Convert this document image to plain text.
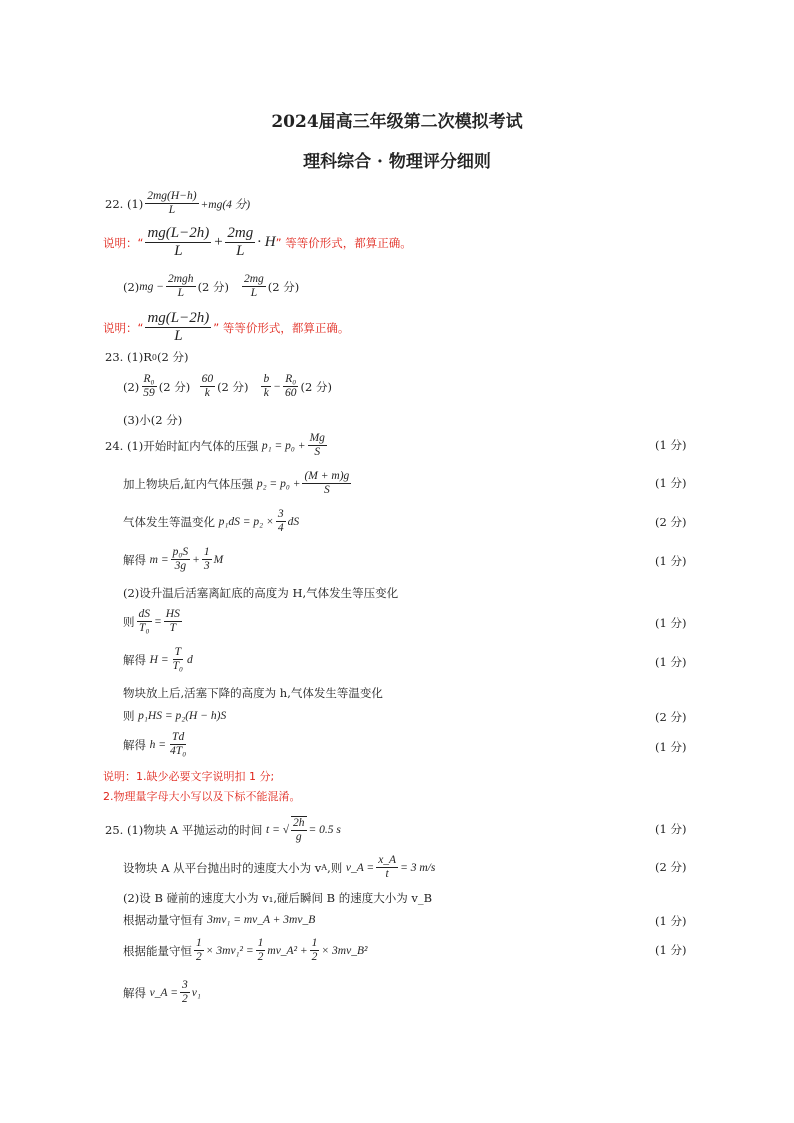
2024届高三年级第二次模拟考试
理科综合 · 物理评分细则
22.
$(1) \frac{2mg(H-h)}{L} +mg(4$ 分)
说明：“ $\frac{mg(L-2h)}{L} + \frac{2mg}{L} \cdot H$ ” 等等价形式，都算正确。
(2) mg − $\frac{\text{2mgh}}{L} (2$ 分)
$\frac{2mg}{L} (2$ 分)
说明：“ $\frac{mg(L-2h)}{L}$ ” 等等价形式，都算正确。
23.
(1)R 0 (2 分)
$(2) \frac{\text{R₀}}{59} (2$ 分)
$\frac{60}{k} (2$ 分)
$\frac{b}{k} - \frac{\text{R₀}}{60} (2$ 分)
(3)小(2 分)
24.
(1)开始时缸内气体的压强
$p_1 = p_0 + \frac{Mg}{S}$	(1 分)
加上物块后,缸内气体压强
$p_2 = p_0 + \frac{(M + m)g}{S}$	(1 分)
气体发生等温变化
$p_1dS = p_2 \times \frac{3}{4}$ dS	(2 分)
解得
$m = \frac{\text{p₀S}}{3g} + \frac{1}{3}$ M	(1 分)
(2)设升温后活塞离缸底的高度为 H,气体发生等压变化
则 $\frac{dS}{\text{T₀}} = \frac{HS}{T}$	(1 分)
解得
$H = \frac{T}{\text{T₀}}$ d	(1 分)
物块放上后,活塞下降的高度为 h,气体发生等温变化
则
p₁HS = p₂(H − h)S	(2 分)
解得
$h = \frac{Td}{\text{4T₀}}$	(1 分)
说明：1.缺少必要文字说明扣 1 分;
2.物理量字母大小写以及下标不能混淆。
25.
(1)物块 A 平抛运动的时间
t = √ $\frac{2h}{g} = 0.5$ s	(1 分)
设物块 A 从平台抛出时的速度大小为 v A ,则
v_A = $\frac{x\_A}{t} = 3$ m/s	(2 分)
(2)设 B 碰前的速度大小为 v₁,碰后瞬间 B 的速度大小为 v_B
根据动量守恒有
3mv₁ = mv_A + 3mv_B	(1 分)
根据能量守恒 $\frac{1}{2} \times 3mv_1^2 = \frac{1}{2}$ mv_A² + $\frac{1}{2}$ × 3mv_B²	(1 分)
解得
v_A = $\frac{3}{2} v_1$
